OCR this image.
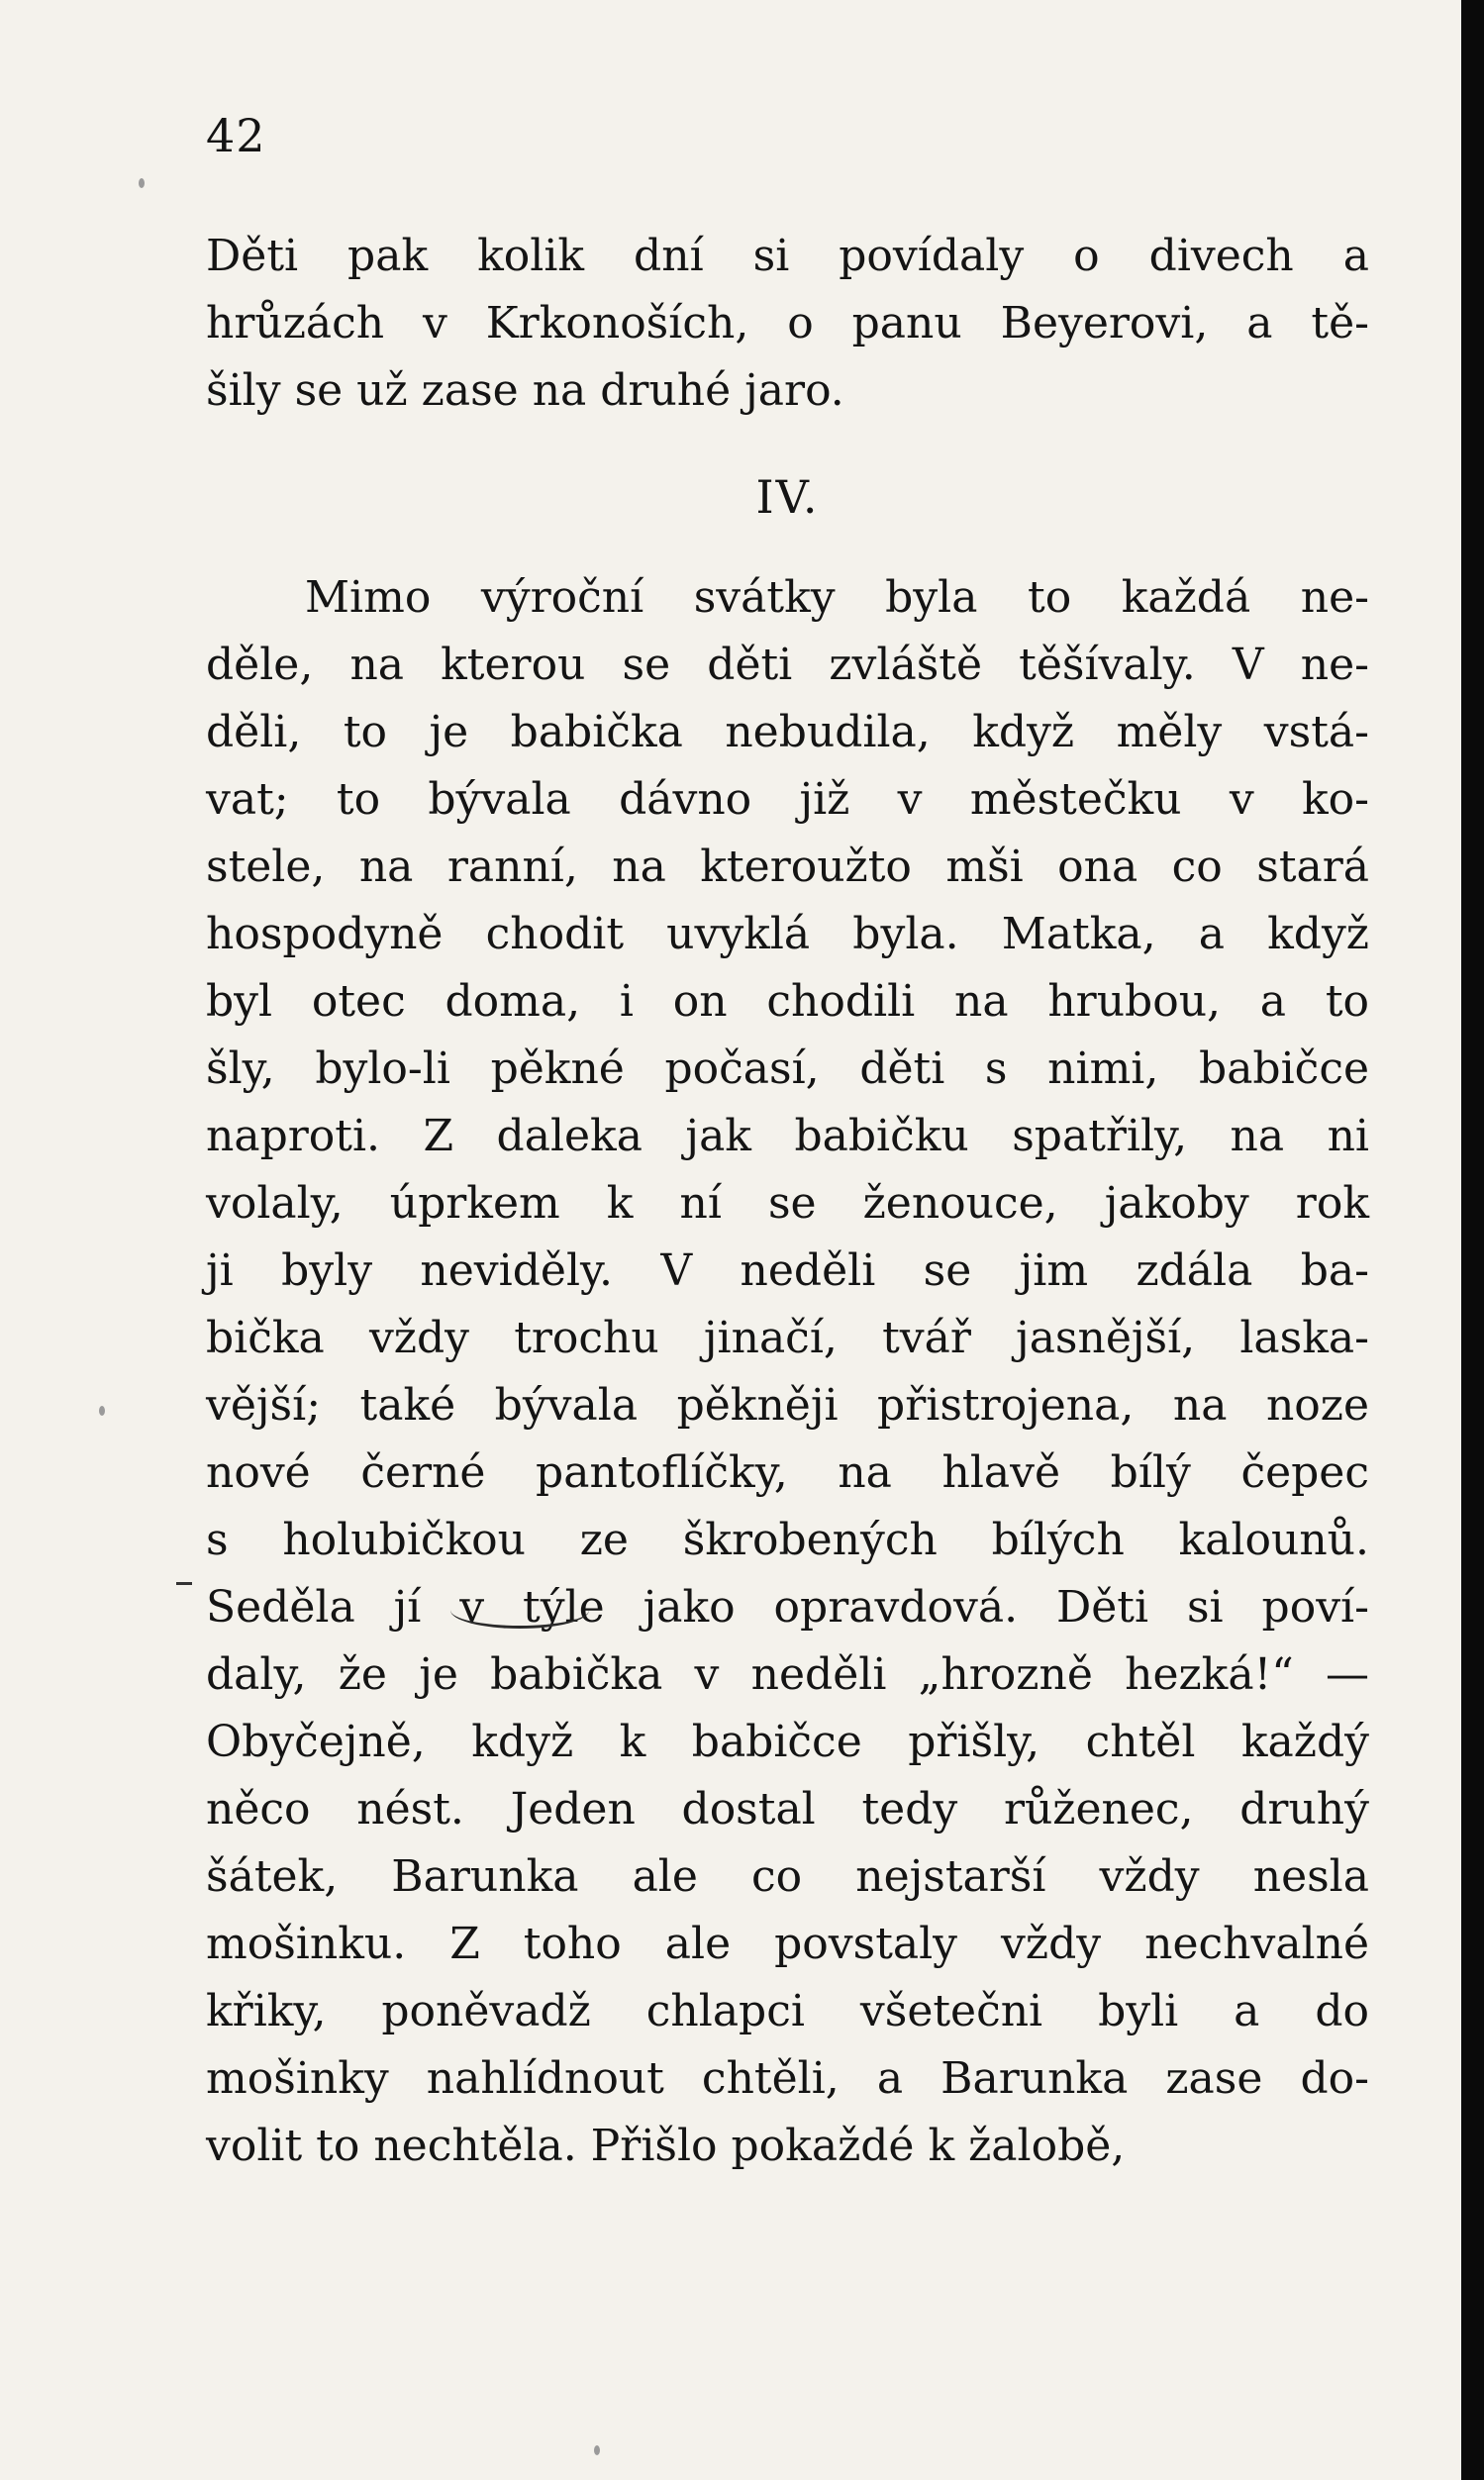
42
Děti pak kolik dní si povídaly o divech a
hrůzách v Krkonoších, o panu Beyerovi, a tě-
šily se už zase na druhé jaro.
IV.
Mimo výroční svátky byla to každá ne-
děle, na kterou se děti zvláště těšívaly. V ne-
děli, to je babička nebudila, když měly vstá-
vat; to bývala dávno již v městečku v ko-
stele, na ranní, na kteroužto mši ona co stará
hospodyně chodit uvyklá byla. Matka, a když
byl otec doma, i on chodili na hrubou, a to
šly, bylo-li pěkné počasí, děti s nimi, babičce
naproti. Z daleka jak babičku spatřily, na ni
volaly, úprkem k ní se ženouce, jakoby rok
ji byly neviděly. V neděli se jim zdála ba-
bička vždy trochu jinačí, tvář jasnější, laska-
vější; také bývala pěkněji přistrojena, na noze
nové černé pantoflíčky, na hlavě bílý čepec
s holubičkou ze škrobených bílých kalounů.
Seděla jí v týle jako opravdová. Děti si poví-
daly, že je babička v neděli „hrozně hezká!“ —
Obyčejně, když k babičce přišly, chtěl každý
něco nést. Jeden dostal tedy růženec, druhý
šátek, Barunka ale co nejstarší vždy nesla
mošinku. Z toho ale povstaly vždy nechvalné
křiky, poněvadž chlapci všetečni byli a do
mošinky nahlídnout chtěli, a Barunka zase do-
volit to nechtěla. Přišlo pokaždé k žalobě,
